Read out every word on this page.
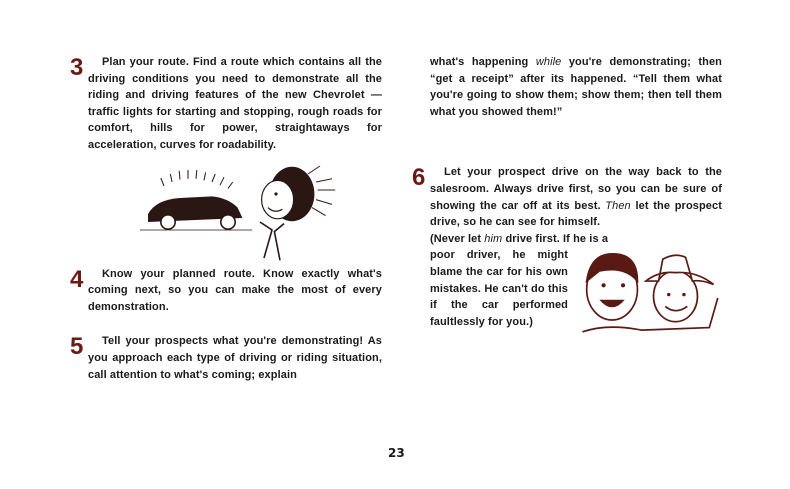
3	Plan your route. Find a route which contains all the driving conditions you need to demonstrate all the riding and driving features of the new Chevrolet — traffic lights for starting and stopping, rough roads for comfort, hills for power, straightaways for acceleration, curves for roadability.
4	Know your planned route. Know exactly what's coming next, so you can make the most of every demonstration.
5	Tell your prospects what you're demonstrating! As you approach each type of driving or riding situation, call attention to what's coming; explain
what's happening while you're demonstrating; then “get a receipt” after its happened. “Tell them what you're going to show them; show them; then tell them what you showed them!”
6	Let your prospect drive on the way back to the salesroom. Always drive first, so you can be sure of showing the car off at its best. Then let the prospect drive, so he can see for himself.
(Never let him drive first. If he is a
poor driver, he might blame the car for his own mistakes. He can't do this if the car performed faultlessly for you.)
23
